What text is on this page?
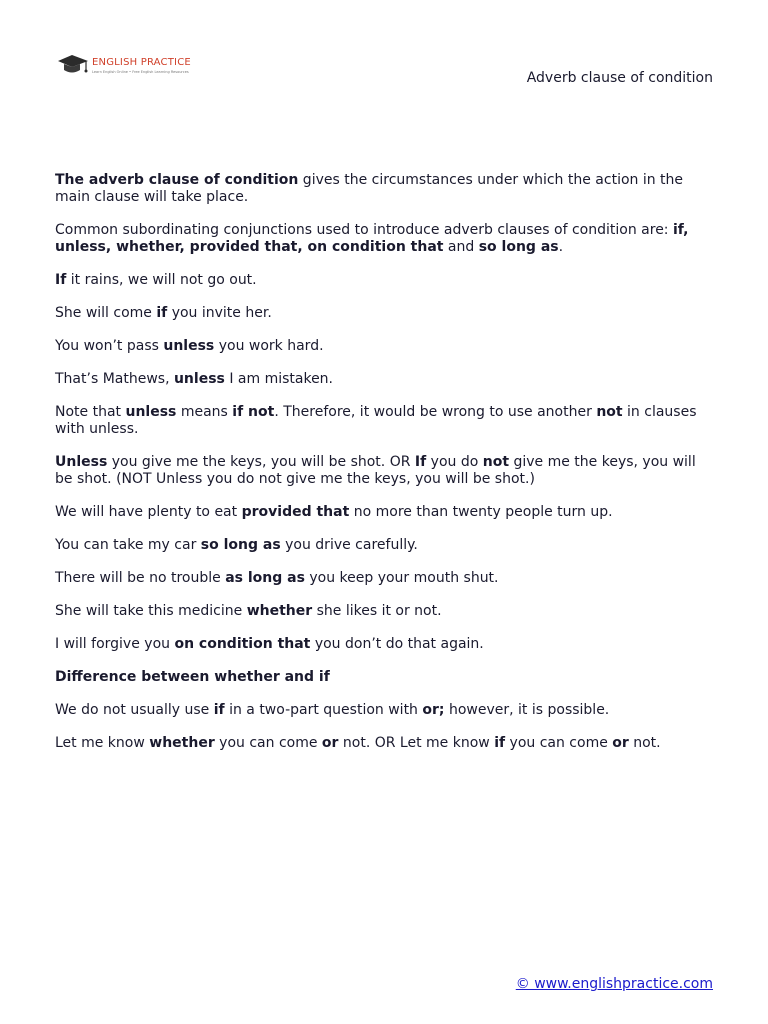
ENGLISH PRACTICE
Learn English Online • Free English Learning Resources	Adverb clause of condition

The adverb clause of condition gives the circumstances under which the action in the main clause will take place.

Common subordinating conjunctions used to introduce adverb clauses of condition are: if, unless, whether, provided that, on condition that and so long as.

If it rains, we will not go out.

She will come if you invite her.

You won’t pass unless you work hard.

That’s Mathews, unless I am mistaken.

Note that unless means if not. Therefore, it would be wrong to use another not in clauses with unless.

Unless you give me the keys, you will be shot. OR If you do not give me the keys, you will be shot. (NOT Unless you do not give me the keys, you will be shot.)

We will have plenty to eat provided that no more than twenty people turn up.

You can take my car so long as you drive carefully.

There will be no trouble as long as you keep your mouth shut.

She will take this medicine whether she likes it or not.

I will forgive you on condition that you don’t do that again.

Difference between whether and if

We do not usually use if in a two-part question with or; however, it is possible.

Let me know whether you can come or not. OR Let me know if you can come or not.

© www.englishpractice.com
